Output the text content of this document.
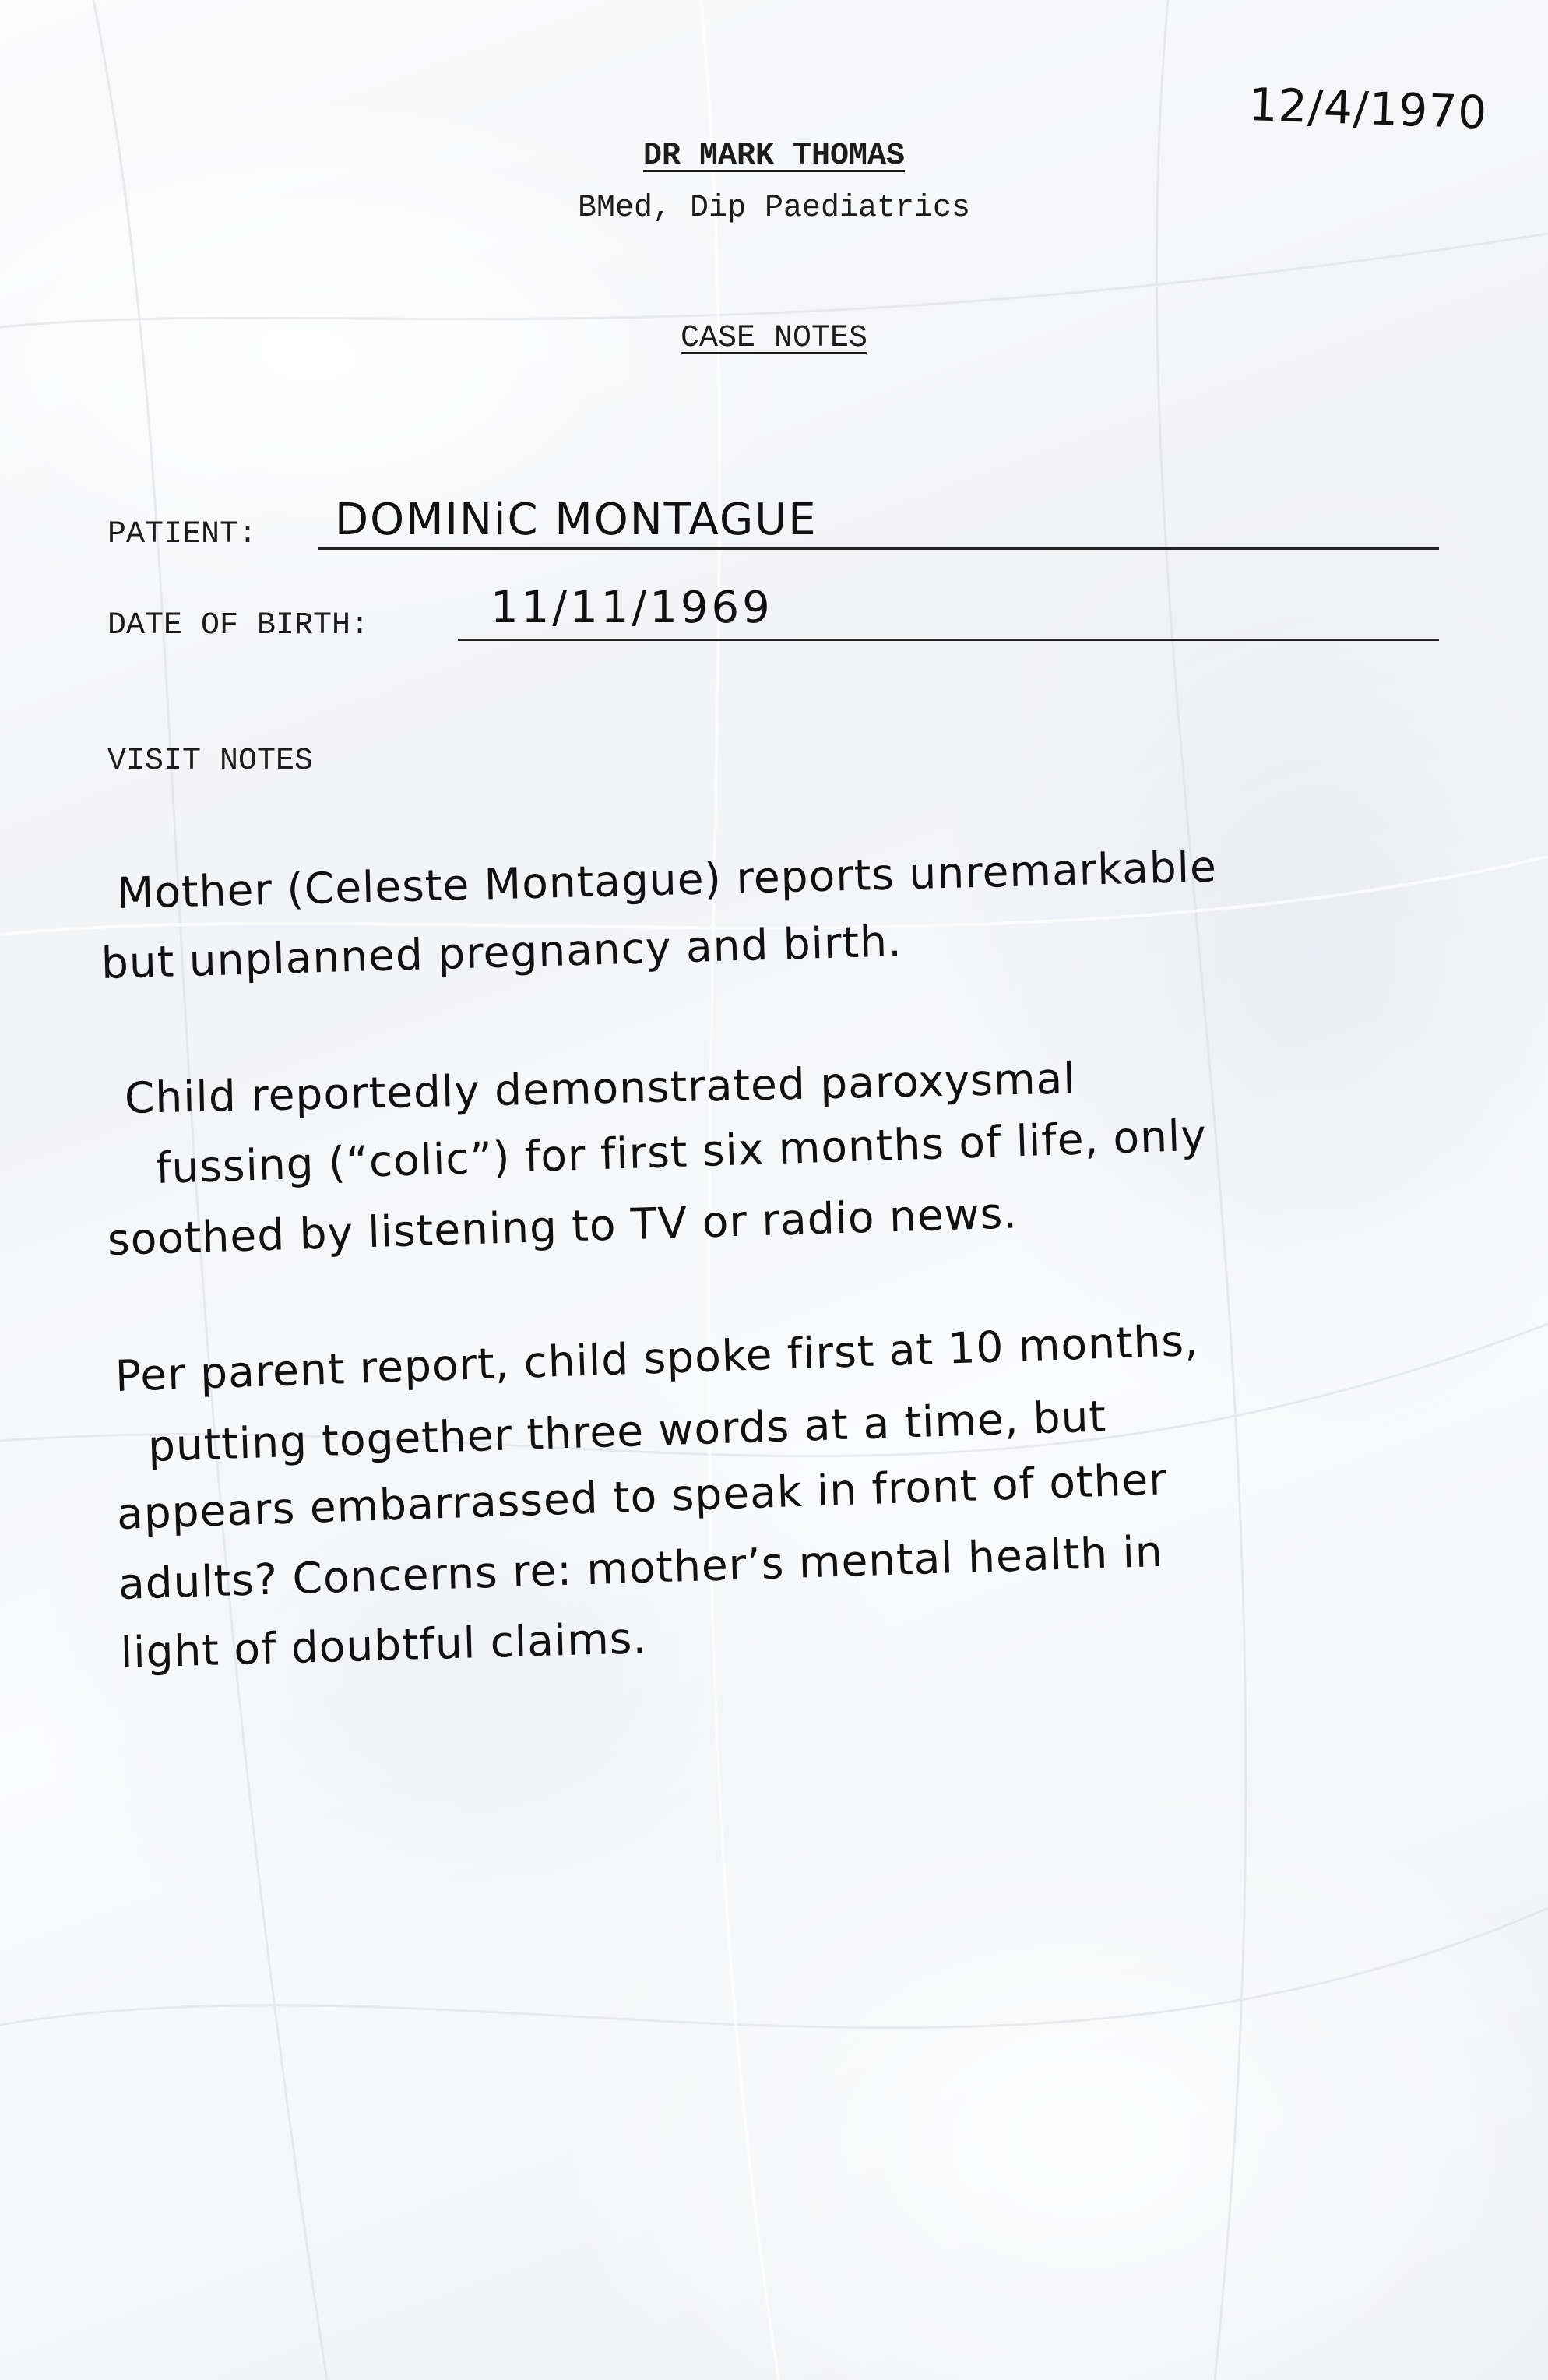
12/4/1970
DR MARK THOMAS
BMed, Dip Paediatrics
CASE NOTES
PATIENT: DOMINiC MONTAGUE
DATE OF BIRTH:	11/11/1969
VISIT NOTES
Mother (Celeste Montague) reports unremarkable
but unplanned pregnancy and birth.
Child reportedly demonstrated paroxysmal
fussing (“colic”) for first six months of life, only
soothed by listening to TV or radio news.
Per parent report, child spoke first at 10 months,
putting together three words at a time, but
appears embarrassed to speak in front of other
adults? Concerns re: mother’s mental health in
light of doubtful claims.
